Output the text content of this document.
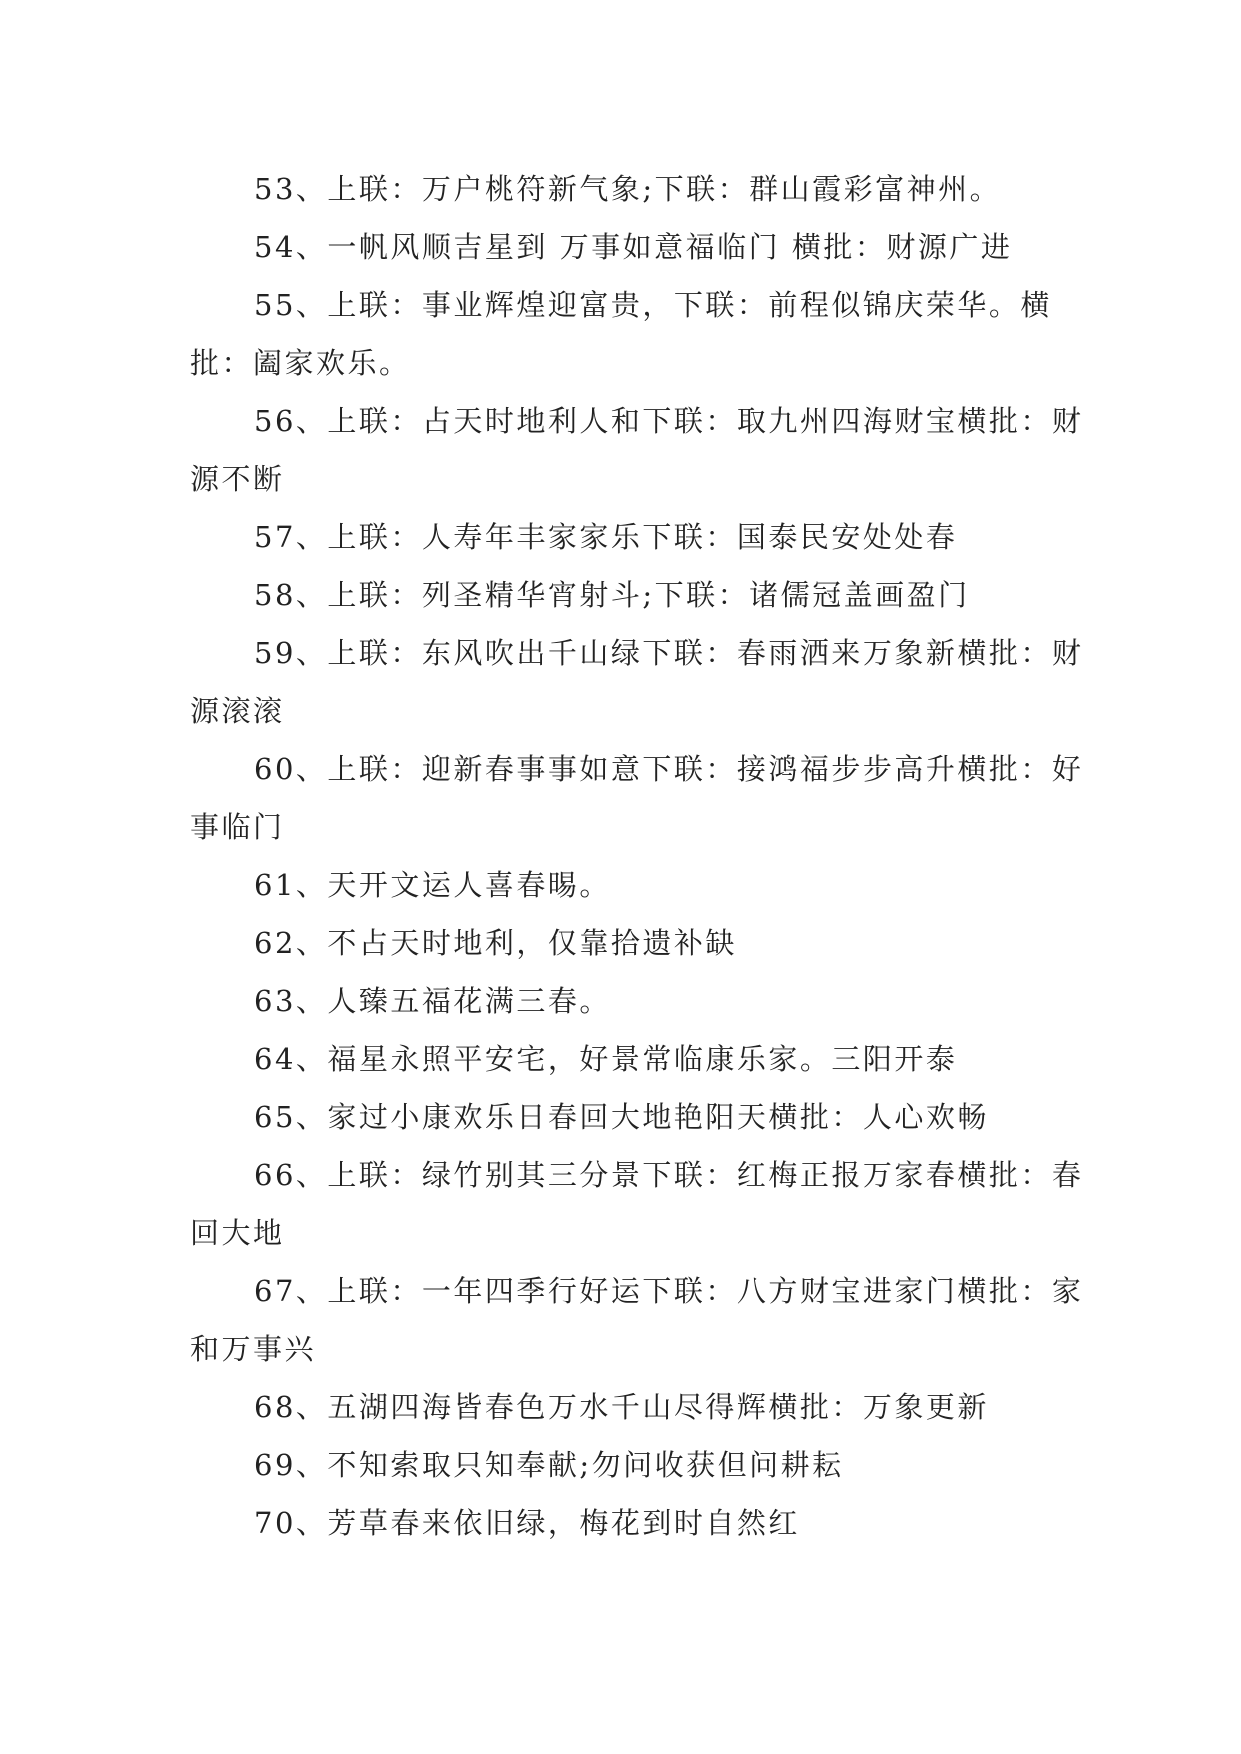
53、上联：万户桃符新气象;下联：群山霞彩富神州。

54、一帆风顺吉星到 万事如意福临门 横批：财源广进

55、上联：事业辉煌迎富贵，下联：前程似锦庆荣华。横批：阖家欢乐。

56、上联：占天时地利人和下联：取九州四海财宝横批：财源不断

57、上联：人寿年丰家家乐下联：国泰民安处处春

58、上联：列圣精华宵射斗;下联：诸儒冠盖画盈门

59、上联：东风吹出千山绿下联：春雨洒来万象新横批：财源滚滚

60、上联：迎新春事事如意下联：接鸿福步步高升横批：好事临门

61、天开文运人喜春晹。

62、不占天时地利，仅靠拾遗补缺

63、人臻五福花满三春。

64、福星永照平安宅，好景常临康乐家。三阳开泰

65、家过小康欢乐日春回大地艳阳天横批：人心欢畅

66、上联：绿竹别其三分景下联：红梅正报万家春横批：春回大地

67、上联：一年四季行好运下联：八方财宝进家门横批：家和万事兴

68、五湖四海皆春色万水千山尽得辉横批：万象更新

69、不知索取只知奉献;勿问收获但问耕耘

70、芳草春来依旧绿，梅花到时自然红
